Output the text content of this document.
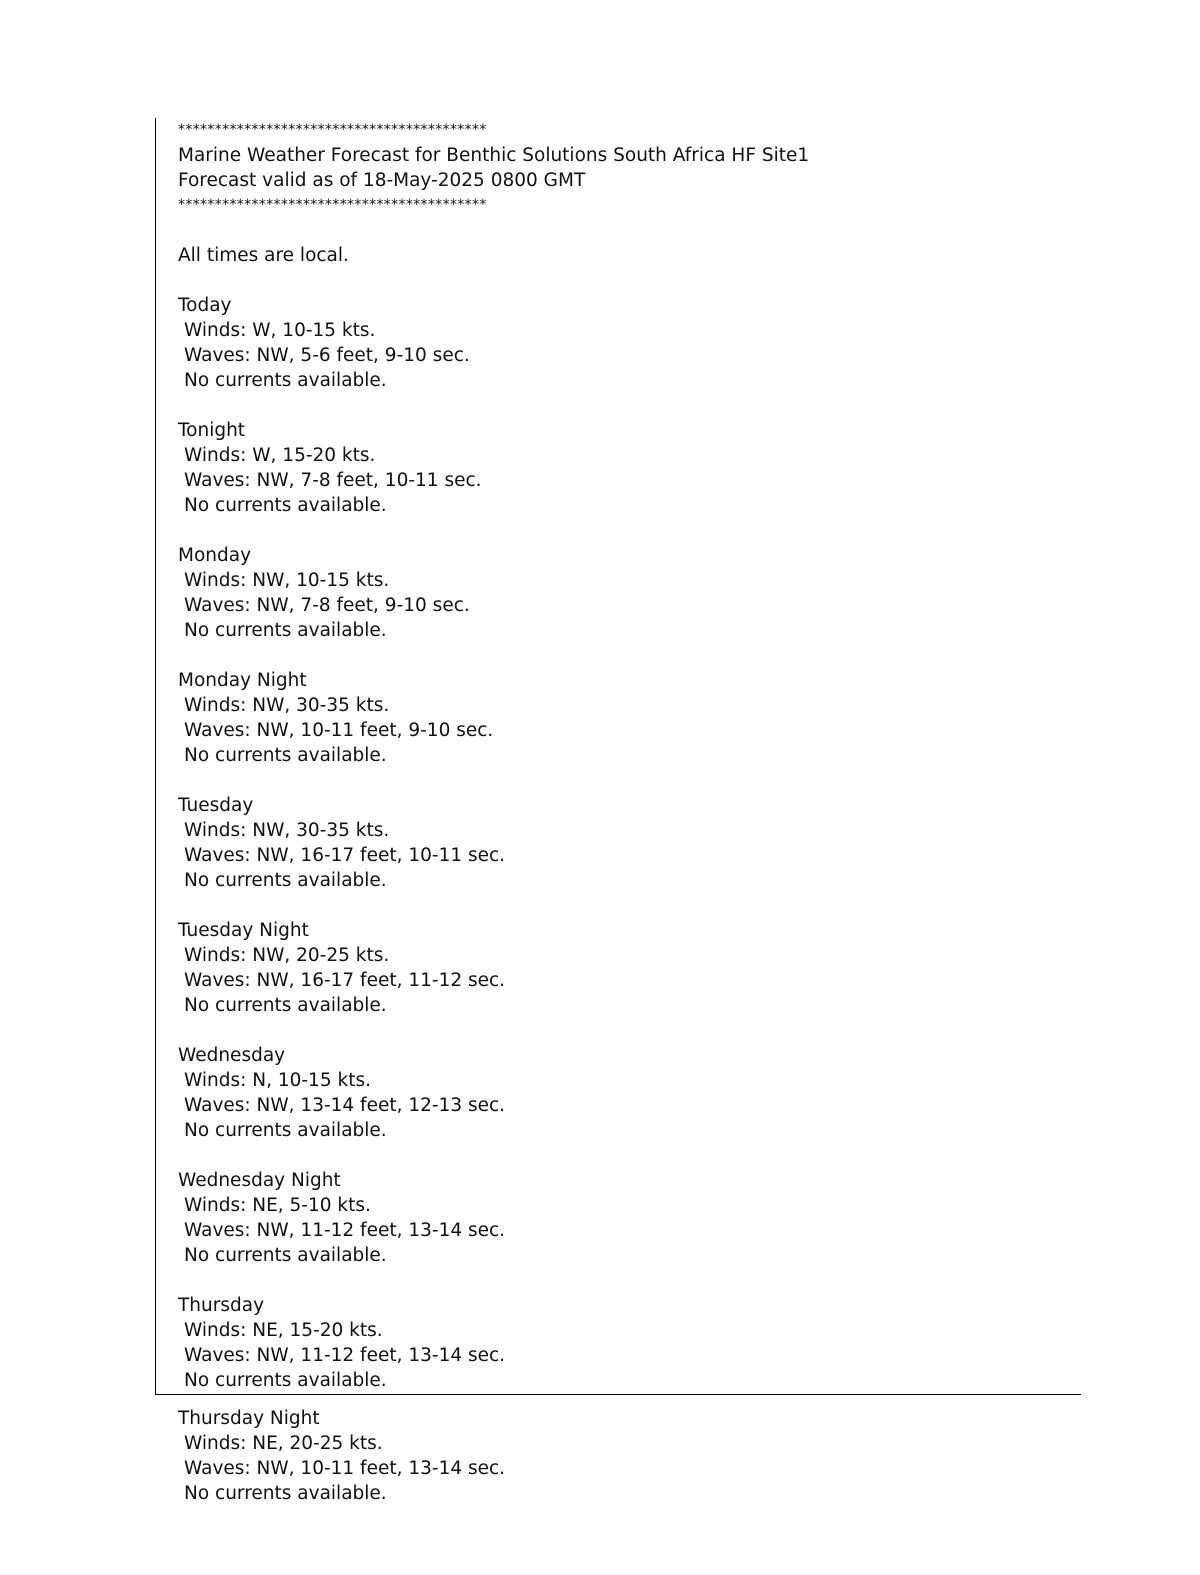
******************************************
Marine Weather Forecast for Benthic Solutions South Africa HF Site1
Forecast valid as of 18-May-2025 0800 GMT
******************************************
All times are local.
Today
Winds: W, 10-15 kts.
Waves: NW, 5-6 feet, 9-10 sec.
No currents available.
Tonight
Winds: W, 15-20 kts.
Waves: NW, 7-8 feet, 10-11 sec.
No currents available.
Monday
Winds: NW, 10-15 kts.
Waves: NW, 7-8 feet, 9-10 sec.
No currents available.
Monday Night
Winds: NW, 30-35 kts.
Waves: NW, 10-11 feet, 9-10 sec.
No currents available.
Tuesday
Winds: NW, 30-35 kts.
Waves: NW, 16-17 feet, 10-11 sec.
No currents available.
Tuesday Night
Winds: NW, 20-25 kts.
Waves: NW, 16-17 feet, 11-12 sec.
No currents available.
Wednesday
Winds: N, 10-15 kts.
Waves: NW, 13-14 feet, 12-13 sec.
No currents available.
Wednesday Night
Winds: NE, 5-10 kts.
Waves: NW, 11-12 feet, 13-14 sec.
No currents available.
Thursday
Winds: NE, 15-20 kts.
Waves: NW, 11-12 feet, 13-14 sec.
No currents available.
Thursday Night
Winds: NE, 20-25 kts.
Waves: NW, 10-11 feet, 13-14 sec.
No currents available.
